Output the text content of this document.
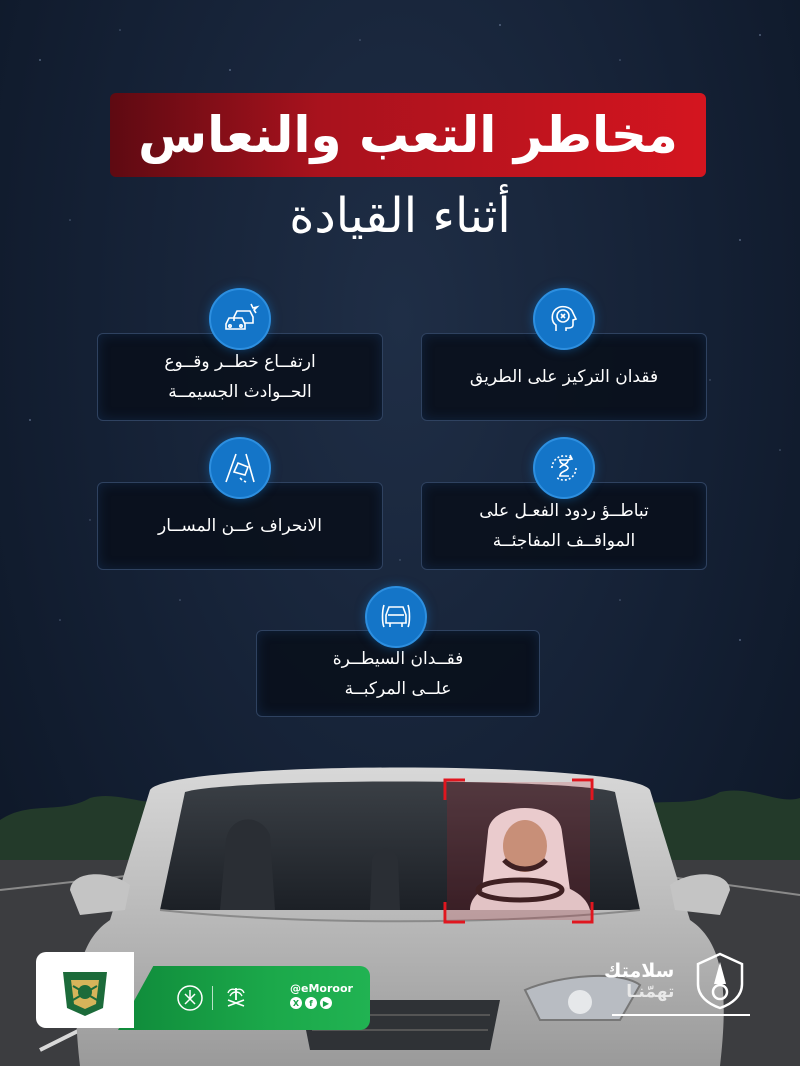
مخاطر التعب والنعاس
أثناء القيادة
فقدان التركيز على الطريق
ارتفــاع خطــر وقــوع
الحــوادث الجسيمــة
تباطــؤ ردود الفعـل على
المواقــف المفاجئــة
الانحراف عــن المســار
فقــدان السيطــرة
علــى المركبــة
@eMoroor
X	f	▶
سلامتك
تهمّنـا
